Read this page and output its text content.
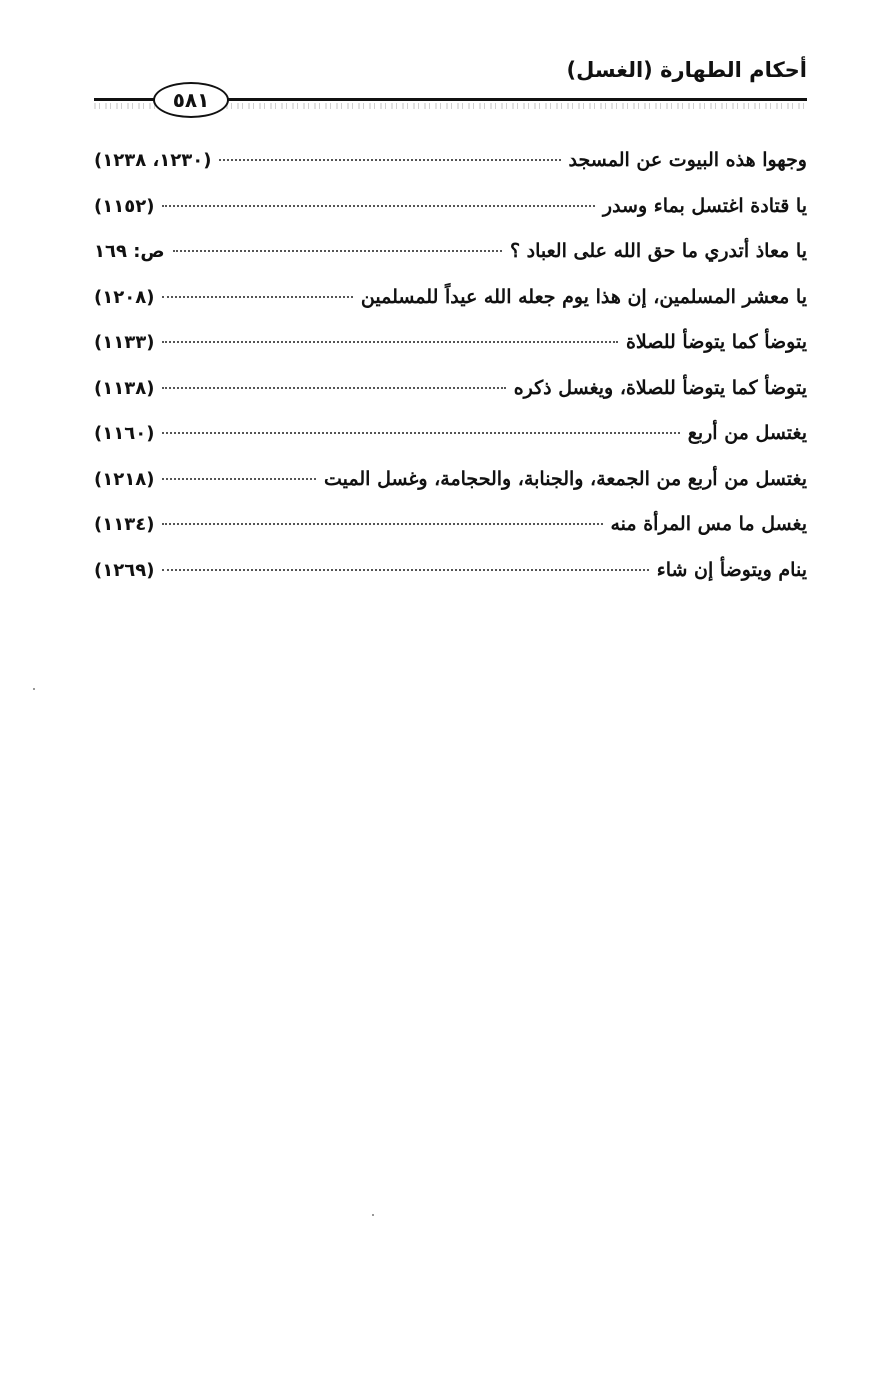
أحكام الطهارة (الغسل)
٥٨١
وجهوا هذه البيوت عن المسجد
(١٢٣٠، ١٢٣٨)
يا قتادة اغتسل بماء وسدر
(١١٥٢)
يا معاذ أتدري ما حق الله على العباد ؟
ص: ١٦٩
يا معشر المسلمين، إن هذا يوم جعله الله عيداً للمسلمين
(١٢٠٨)
يتوضأ كما يتوضأ للصلاة
(١١٣٣)
يتوضأ كما يتوضأ للصلاة، ويغسل ذكره
(١١٣٨)
يغتسل من أربع
(١١٦٠)
يغتسل من أربع من الجمعة، والجنابة، والحجامة، وغسل الميت
(١٢١٨)
يغسل ما مس المرأة منه
(١١٣٤)
ينام ويتوضأ إن شاء
(١٢٦٩)
